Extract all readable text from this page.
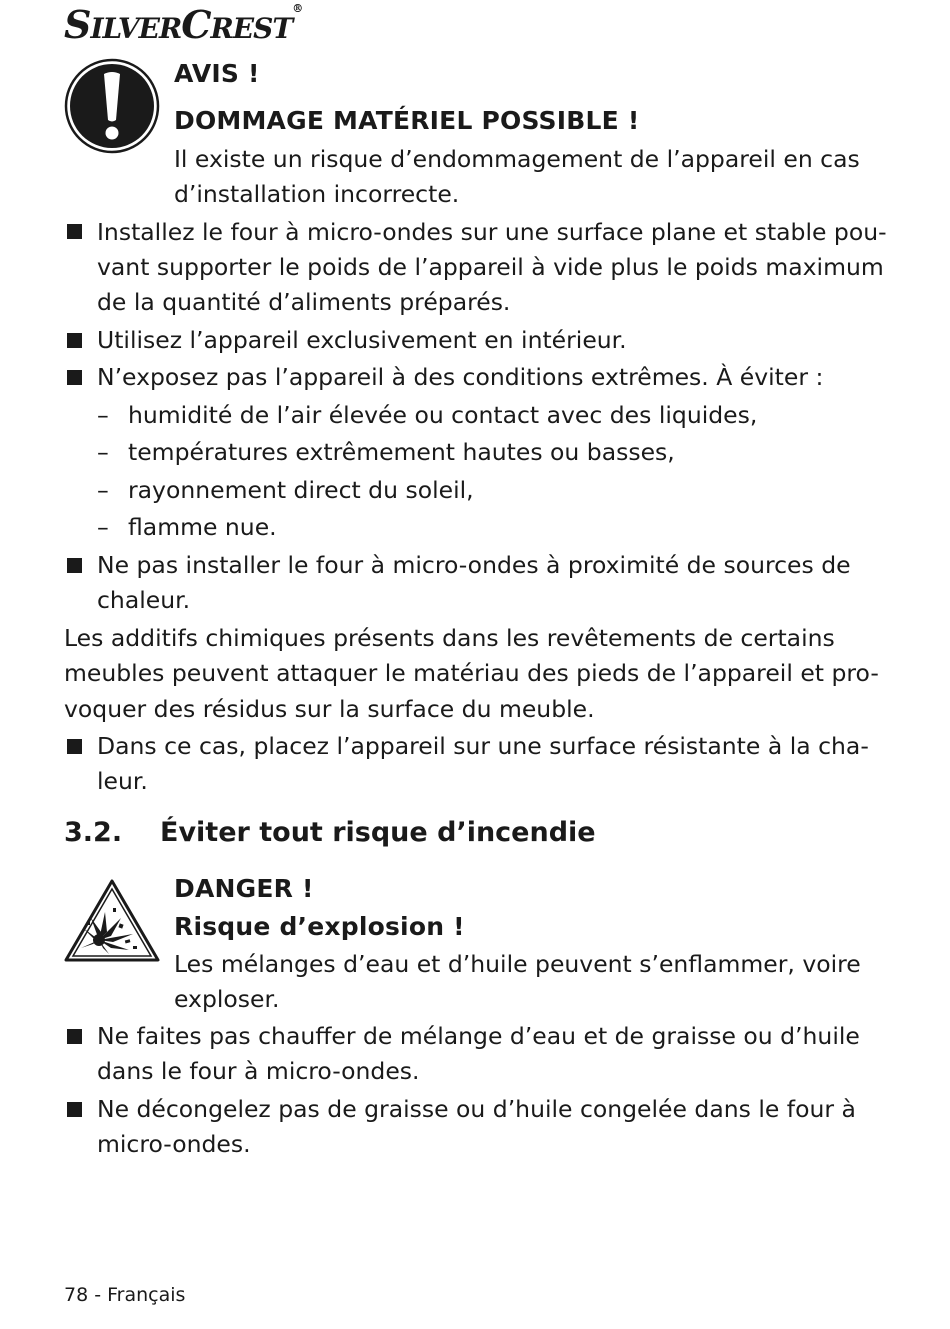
SILVERCREST®
AVIS !
DOMMAGE MATÉRIEL POSSIBLE !
Il existe un risque d’endommagement de l’appareil en cas
d’installation incorrecte.
Installez le four à micro-ondes sur une surface plane et stable pou-
vant supporter le poids de l’appareil à vide plus le poids maximum
de la quantité d’aliments préparés.
Utilisez l’appareil exclusivement en intérieur.
N’exposez pas l’appareil à des conditions extrêmes. À éviter :
– humidité de l’air élevée ou contact avec des liquides,
– températures extrêmement hautes ou basses,
– rayonnement direct du soleil,
– flamme nue.
Ne pas installer le four à micro-ondes à proximité de sources de
chaleur.
Les additifs chimiques présents dans les revêtements de certains
meubles peuvent attaquer le matériau des pieds de l’appareil et pro-
voquer des résidus sur la surface du meuble.
Dans ce cas, placez l’appareil sur une surface résistante à la cha-
leur.
3.2. Éviter tout risque d’incendie
DANGER !
Risque d’explosion !
Les mélanges d’eau et d’huile peuvent s’enflammer, voire
exploser.
Ne faites pas chauffer de mélange d’eau et de graisse ou d’huile
dans le four à micro-ondes.
Ne décongelez pas de graisse ou d’huile congelée dans le four à
micro-ondes.
78 - Français
